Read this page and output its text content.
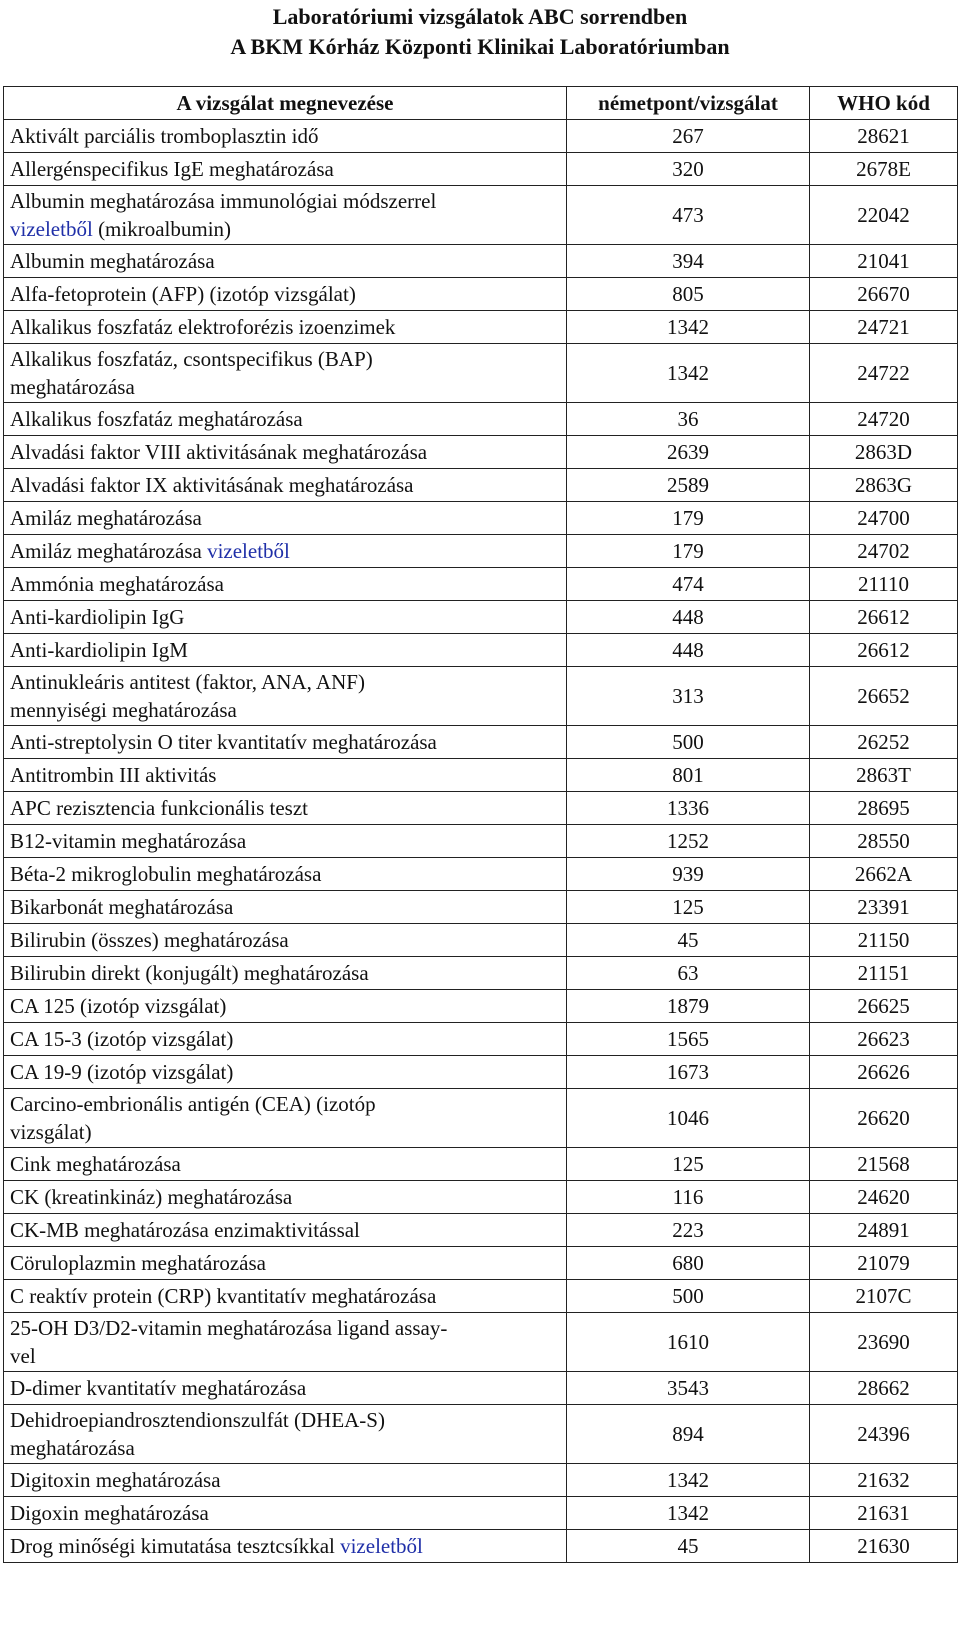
Laboratóriumi vizsgálatok ABC sorrendben
A BKM Kórház Központi Klinikai Laboratóriumban
A vizsgálat megnevezése	németpont/vizsgálat	WHO kód
Aktivált parciális tromboplasztin idő	267	28621
Allergénspecifikus IgE meghatározása	320	2678E
Albumin meghatározása immunológiai módszerrel
vizeletből (mikroalbumin)	473	22042
Albumin meghatározása	394	21041
Alfa-fetoprotein (AFP) (izotóp vizsgálat)	805	26670
Alkalikus foszfatáz elektroforézis izoenzimek	1342	24721
Alkalikus foszfatáz, csontspecifikus (BAP)
meghatározása	1342	24722
Alkalikus foszfatáz meghatározása	36	24720
Alvadási faktor VIII aktivitásának meghatározása	2639	2863D
Alvadási faktor IX aktivitásának meghatározása	2589	2863G
Amiláz meghatározása	179	24700
Amiláz meghatározása vizeletből	179	24702
Ammónia meghatározása	474	21110
Anti-kardiolipin IgG	448	26612
Anti-kardiolipin IgM	448	26612
Antinukleáris antitest (faktor, ANA, ANF)
mennyiségi meghatározása	313	26652
Anti-streptolysin O titer kvantitatív meghatározása	500	26252
Antitrombin III aktivitás	801	2863T
APC rezisztencia funkcionális teszt	1336	28695
B12-vitamin meghatározása	1252	28550
Béta-2 mikroglobulin meghatározása	939	2662A
Bikarbonát meghatározása	125	23391
Bilirubin (összes) meghatározása	45	21150
Bilirubin direkt (konjugált) meghatározása	63	21151
CA 125 (izotóp vizsgálat)	1879	26625
CA 15-3 (izotóp vizsgálat)	1565	26623
CA 19-9 (izotóp vizsgálat)	1673	26626
Carcino-embrionális antigén (CEA) (izotóp
vizsgálat)	1046	26620
Cink meghatározása	125	21568
CK (kreatinkináz) meghatározása	116	24620
CK-MB meghatározása enzimaktivitással	223	24891
Cöruloplazmin meghatározása	680	21079
C reaktív protein (CRP) kvantitatív meghatározása	500	2107C
25-OH D3/D2-vitamin meghatározása ligand assay-
vel	1610	23690
D-dimer kvantitatív meghatározása	3543	28662
Dehidroepiandrosztendionszulfát (DHEA-S)
meghatározása	894	24396
Digitoxin meghatározása	1342	21632
Digoxin meghatározása	1342	21631
Drog minőségi kimutatása tesztcsíkkal vizeletből	45	21630
